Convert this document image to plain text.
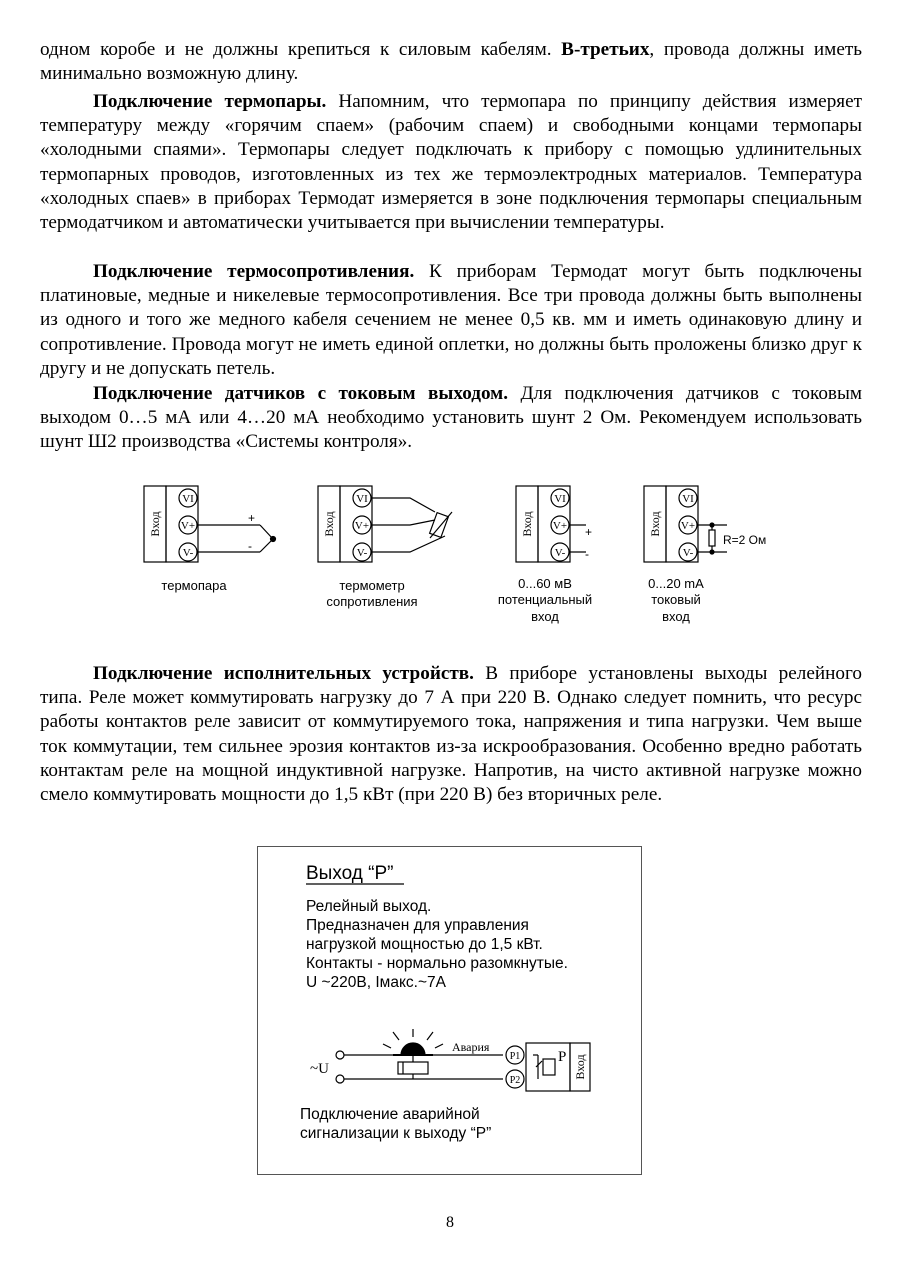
одном коробе и не должны крепиться к силовым кабелям. В-третьих, провода должны иметь минимально возможную длину.

Подключение термопары. Напомним, что термопара по принципу действия измеряет температуру между «горячим спаем» (рабочим спаем) и свободными концами термопары «холодными спаями». Термопары следует подключать к прибору с помощью удлинительных термопарных проводов, изготовленных из тех же термоэлектродных материалов. Температура «холодных спаев» в приборах Термодат измеряется в зоне подключения термопары специальным термодатчиком и автоматически учитывается при вычислении температуры.

Подключение термосопротивления. К приборам Термодат могут быть подключены платиновые, медные и никелевые термосопротивления. Все три провода должны быть выполнены из одного и того же медного кабеля сечением не менее 0,5 кв. мм и иметь одинаковую длину и сопротивление. Провода могут не иметь единой оплетки, но должны быть проложены близко друг к другу и не допускать петель.

Подключение датчиков с токовым выходом. Для подключения датчиков с токовым выходом 0…5 мА или 4…20 мА необходимо установить шунт 2 Ом. Рекомендуем использовать шунт Ш2 производства «Системы контроля».

VI
V+
V-
VI
V+
V-
VI
V+
V-
VI
V+
V-
Вход	Вход	Вход	Вход
+
-
+
-
R=2 Ом
термопара	термометр
сопротивления
0...60 мВ
потенциальный
вход
0...20 mA
токовый
вход

Подключение исполнительных устройств. В приборе установлены выходы релейного типа. Реле может коммутировать нагрузку до 7 А при 220 В. Однако следует помнить, что ресурс работы контактов реле зависит от коммутируемого тока, напряжения и типа нагрузки. Чем выше ток коммутации, тем сильнее эрозия контактов из-за искрообразования. Особенно вредно работать контактам реле на мощной индуктивной нагрузке. Напротив, на чисто активной нагрузке можно смело коммутировать мощности до 1,5 кВт (при 220 В) без вторичных реле.

Выход “P”
Релейный выход.
Предназначен для управления
нагрузкой мощностью до 1,5 кВт.
Контакты - нормально разомкнутые.
U ~220В, Iмакс.~7А
Подключение аварийной
сигнализации к выходу “P”
Авария
~U
P1
P2
P Вход
8
